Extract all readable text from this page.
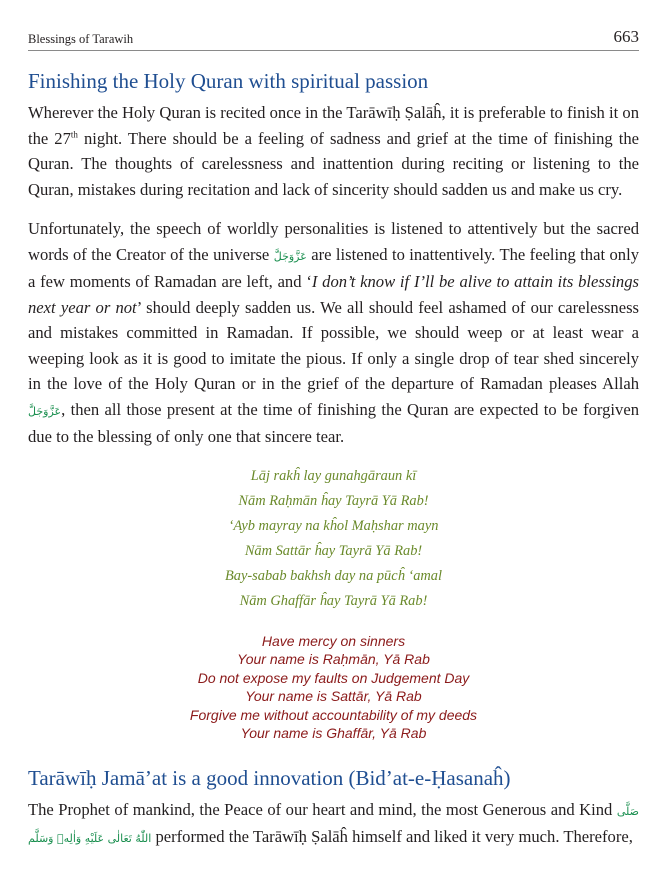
Blessings of Tarawih	663
Finishing the Holy Quran with spiritual passion

Wherever the Holy Quran is recited once in the Tarāwīḥ Ṣalāĥ, it is preferable to finish it on the 27th night. There should be a feeling of sadness and grief at the time of finishing the Quran. The thoughts of carelessness and inattention during reciting or listening to the Quran, mistakes during recitation and lack of sincerity should sadden us and make us cry.

Unfortunately, the speech of worldly personalities is listened to attentively but the sacred words of the Creator of the universe عَزَّوَجَلَّ are listened to inattentively. The feeling that only a few moments of Ramadan are left, and ‘I don’t know if I’ll be alive to attain its blessings next year or not’ should deeply sadden us. We all should feel ashamed of our carelessness and mistakes committed in Ramadan. If possible, we should weep or at least wear a weeping look as it is good to imitate the pious. If only a single drop of tear shed sincerely in the love of the Holy Quran or in the grief of the departure of Ramadan pleases Allah عَزَّوَجَلَّ, then all those present at the time of finishing the Quran are expected to be forgiven due to the blessing of only one that sincere tear.

Lāj rakĥ lay gunahgāraun kī
Nām Raḥmān ĥay Tayrā Yā Rab!
‘Ayb mayray na kĥol Maḥshar mayn
Nām Sattār ĥay Tayrā Yā Rab!
Bay-sabab bakhsh day na pūcĥ ‘amal
Nām Ghaffār ĥay Tayrā Yā Rab!
Have mercy on sinners
Your name is Raḥmān, Yā Rab
Do not expose my faults on Judgement Day
Your name is Sattār, Yā Rab
Forgive me without accountability of my deeds
Your name is Ghaffār, Yā Rab
Tarāwīḥ Jamā’at is a good innovation (Bid’at-e-Ḥasanaĥ)

The Prophet of mankind, the Peace of our heart and mind, the most Generous and Kind صَلَّى اللّٰهُ تَعَالٰى عَلَيْهِ وَاٰلِهٖ وَسَلَّم performed the Tarāwīḥ Ṣalāĥ himself and liked it very much. Therefore,
